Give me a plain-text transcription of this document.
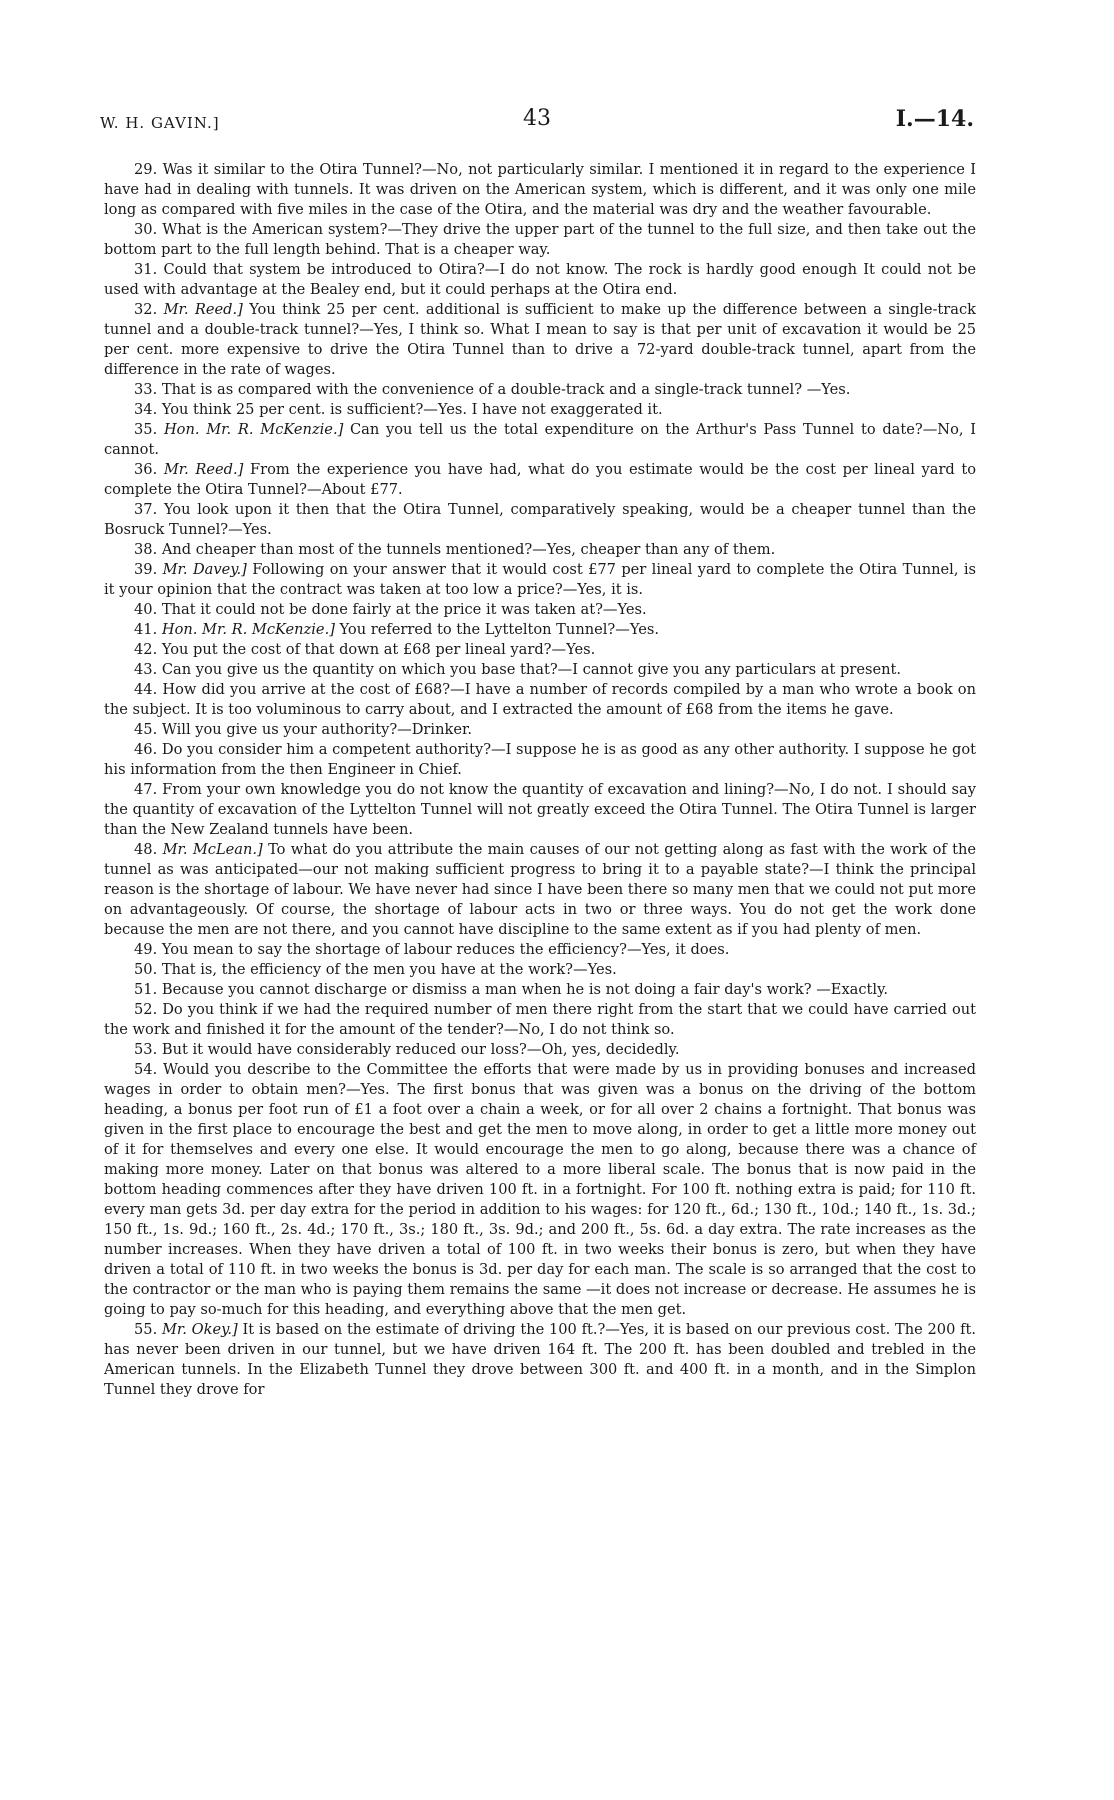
W. H. GAVIN.]	43	I.—14.

29. Was it similar to the Otira Tunnel?—No, not particularly similar. I mentioned it in regard to the experience I have had in dealing with tunnels. It was driven on the American system, which is different, and it was only one mile long as compared with five miles in the case of the Otira, and the material was dry and the weather favourable.

30. What is the American system?—They drive the upper part of the tunnel to the full size, and then take out the bottom part to the full length behind. That is a cheaper way.

31. Could that system be introduced to Otira?—I do not know. The rock is hardly good enough It could not be used with advantage at the Bealey end, but it could perhaps at the Otira end.

32. Mr. Reed.] You think 25 per cent. additional is sufficient to make up the difference between a single-track tunnel and a double-track tunnel?—Yes, I think so. What I mean to say is that per unit of excavation it would be 25 per cent. more expensive to drive the Otira Tunnel than to drive a 72-yard double-track tunnel, apart from the difference in the rate of wages.

33. That is as compared with the convenience of a double-track and a single-track tunnel? —Yes.

34. You think 25 per cent. is sufficient?—Yes. I have not exaggerated it.

35. Hon. Mr. R. McKenzie.] Can you tell us the total expenditure on the Arthur's Pass Tunnel to date?—No, I cannot.

36. Mr. Reed.] From the experience you have had, what do you estimate would be the cost per lineal yard to complete the Otira Tunnel?—About £77.

37. You look upon it then that the Otira Tunnel, comparatively speaking, would be a cheaper tunnel than the Bosruck Tunnel?—Yes.

38. And cheaper than most of the tunnels mentioned?—Yes, cheaper than any of them.

39. Mr. Davey.] Following on your answer that it would cost £77 per lineal yard to complete the Otira Tunnel, is it your opinion that the contract was taken at too low a price?—Yes, it is.

40. That it could not be done fairly at the price it was taken at?—Yes.

41. Hon. Mr. R. McKenzie.] You referred to the Lyttelton Tunnel?—Yes.

42. You put the cost of that down at £68 per lineal yard?—Yes.

43. Can you give us the quantity on which you base that?—I cannot give you any particulars at present.

44. How did you arrive at the cost of £68?—I have a number of records compiled by a man who wrote a book on the subject. It is too voluminous to carry about, and I extracted the amount of £68 from the items he gave.

45. Will you give us your authority?—Drinker.

46. Do you consider him a competent authority?—I suppose he is as good as any other authority. I suppose he got his information from the then Engineer in Chief.

47. From your own knowledge you do not know the quantity of excavation and lining?—No, I do not. I should say the quantity of excavation of the Lyttelton Tunnel will not greatly exceed the Otira Tunnel. The Otira Tunnel is larger than the New Zealand tunnels have been.

48. Mr. McLean.] To what do you attribute the main causes of our not getting along as fast with the work of the tunnel as was anticipated—our not making sufficient progress to bring it to a payable state?—I think the principal reason is the shortage of labour. We have never had since I have been there so many men that we could not put more on advantageously. Of course, the shortage of labour acts in two or three ways. You do not get the work done because the men are not there, and you cannot have discipline to the same extent as if you had plenty of men.

49. You mean to say the shortage of labour reduces the efficiency?—Yes, it does.

50. That is, the efficiency of the men you have at the work?—Yes.

51. Because you cannot discharge or dismiss a man when he is not doing a fair day's work? —Exactly.

52. Do you think if we had the required number of men there right from the start that we could have carried out the work and finished it for the amount of the tender?—No, I do not think so.

53. But it would have considerably reduced our loss?—Oh, yes, decidedly.

54. Would you describe to the Committee the efforts that were made by us in providing bonuses and increased wages in order to obtain men?—Yes. The first bonus that was given was a bonus on the driving of the bottom heading, a bonus per foot run of £1 a foot over a chain a week, or for all over 2 chains a fortnight. That bonus was given in the first place to encourage the best and get the men to move along, in order to get a little more money out of it for themselves and every one else. It would encourage the men to go along, because there was a chance of making more money. Later on that bonus was altered to a more liberal scale. The bonus that is now paid in the bottom heading commences after they have driven 100 ft. in a fortnight. For 100 ft. nothing extra is paid; for 110 ft. every man gets 3d. per day extra for the period in addition to his wages: for 120 ft., 6d.; 130 ft., 10d.; 140 ft., 1s. 3d.; 150 ft., 1s. 9d.; 160 ft., 2s. 4d.; 170 ft., 3s.; 180 ft., 3s. 9d.; and 200 ft., 5s. 6d. a day extra. The rate increases as the number increases. When they have driven a total of 100 ft. in two weeks their bonus is zero, but when they have driven a total of 110 ft. in two weeks the bonus is 3d. per day for each man. The scale is so arranged that the cost to the contractor or the man who is paying them remains the same —it does not increase or decrease. He assumes he is going to pay so-much for this heading, and everything above that the men get.

55. Mr. Okey.] It is based on the estimate of driving the 100 ft.?—Yes, it is based on our previous cost. The 200 ft. has never been driven in our tunnel, but we have driven 164 ft. The 200 ft. has been doubled and trebled in the American tunnels. In the Elizabeth Tunnel they drove between 300 ft. and 400 ft. in a month, and in the Simplon Tunnel they drove for
